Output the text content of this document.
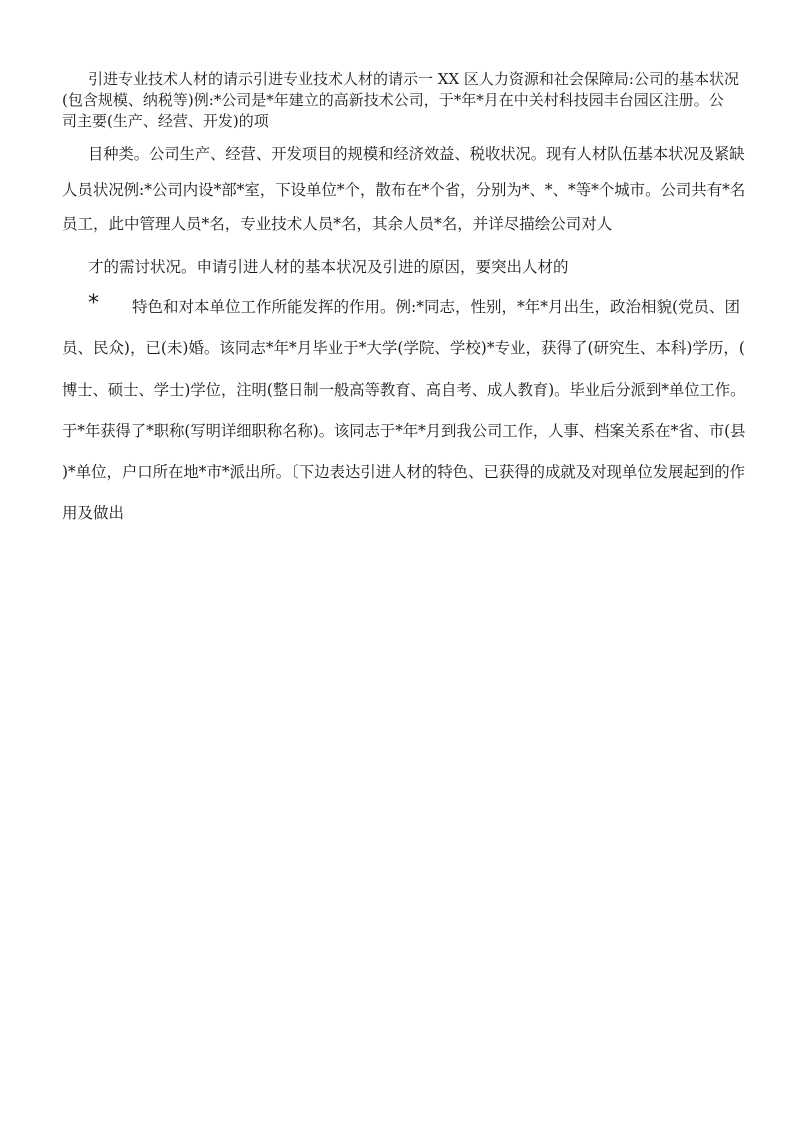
引进专业技术人材的请示引进专业技术人材的请示一 XX 区人力资源和社会保障局:公司的基本状况
(包含规模、纳税等)例:*公司是*年建立的高新技术公司，于*年*月在中关村科技园丰台园区注册。公
司主要(生产、经营、开发)的项
目种类。公司生产、经营、开发项目的规模和经济效益、税收状况。现有人材队伍基本状况及紧缺
人员状况例:*公司内设*部*室，下设单位*个，散布在*个省，分别为*、*、*等*个城市。公司共有*名
员工，此中管理人员*名，专业技术人员*名，其余人员*名，并详尽描绘公司对人
才的需讨状况。申请引进人材的基本状况及引进的原因，要突出人材的
* 特色和对本单位工作所能发挥的作用。例:*同志，性别，*年*月出生，政治相貌(党员、团
员、民众)，已(未)婚。该同志*年*月毕业于*大学(学院、学校)*专业，获得了(研究生、本科)学历，(
博士、硕士、学士)学位，注明(整日制一般高等教育、高自考、成人教育)。毕业后分派到*单位工作。
于*年获得了*职称(写明详细职称名称)。该同志于*年*月到我公司工作，人事、档案关系在*省、市(县
)*单位，户口所在地*市*派出所。〔下边表达引进人材的特色、已获得的成就及对现单位发展起到的作
用及做出
